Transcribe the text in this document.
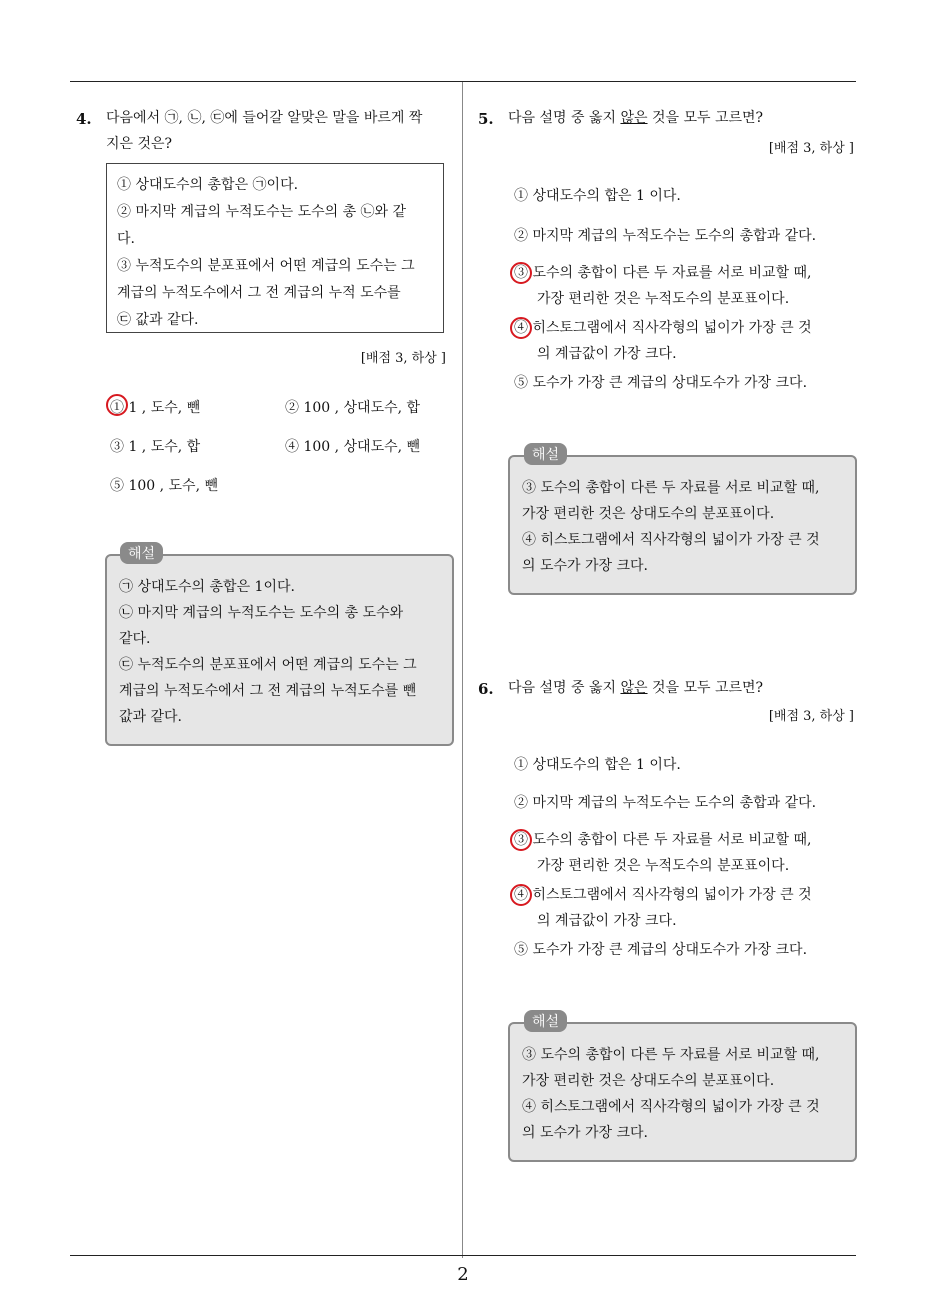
2
4. 다음에서 ㉠, ㉡, ㉢에 들어갈 알맞은 말을 바르게 짝
지은 것은?

① 상대도수의 총합은 ㉠이다.

② 마지막 계급의 누적도수는 도수의 총 ㉡와 같

다.

③ 누적도수의 분포표에서 어떤 계급의 도수는 그

계급의 누적도수에서 그 전 계급의 누적 도수를

㉢ 값과 같다.

[배점 3, 하상 ]
① 1 , 도수, 뺀	② 100 , 상대도수, 합
③ 1 , 도수, 합	④ 100 , 상대도수, 뺀
⑤ 100 , 도수, 뺀

㉠ 상대도수의 총합은 1이다.

㉡ 마지막 계급의 누적도수는 도수의 총 도수와

같다.

㉢ 누적도수의 분포표에서 어떤 계급의 도수는 그

계급의 누적도수에서 그 전 계급의 누적도수를 뺀

값과 같다.

해설
5. 다음 설명 중 옳지 않은 것을 모두 고르면?
[배점 3, 하상 ]
① 상대도수의 합은 1 이다.
② 마지막 계급의 누적도수는 도수의 총합과 같다.
③ 도수의 총합이 다른 두 자료를 서로 비교할 때,
가장 편리한 것은 누적도수의 분포표이다.
④ 히스토그램에서 직사각형의 넓이가 가장 큰 것
의 계급값이 가장 크다.
⑤ 도수가 가장 큰 계급의 상대도수가 가장 크다.

③ 도수의 총합이 다른 두 자료를 서로 비교할 때,

가장 편리한 것은 상대도수의 분포표이다.

④ 히스토그램에서 직사각형의 넓이가 가장 큰 것

의 도수가 가장 크다.

해설
6. 다음 설명 중 옳지 않은 것을 모두 고르면?
[배점 3, 하상 ]
① 상대도수의 합은 1 이다.
② 마지막 계급의 누적도수는 도수의 총합과 같다.
③ 도수의 총합이 다른 두 자료를 서로 비교할 때,
가장 편리한 것은 누적도수의 분포표이다.
④ 히스토그램에서 직사각형의 넓이가 가장 큰 것
의 계급값이 가장 크다.
⑤ 도수가 가장 큰 계급의 상대도수가 가장 크다.

③ 도수의 총합이 다른 두 자료를 서로 비교할 때,

가장 편리한 것은 상대도수의 분포표이다.

④ 히스토그램에서 직사각형의 넓이가 가장 큰 것

의 도수가 가장 크다.

해설
